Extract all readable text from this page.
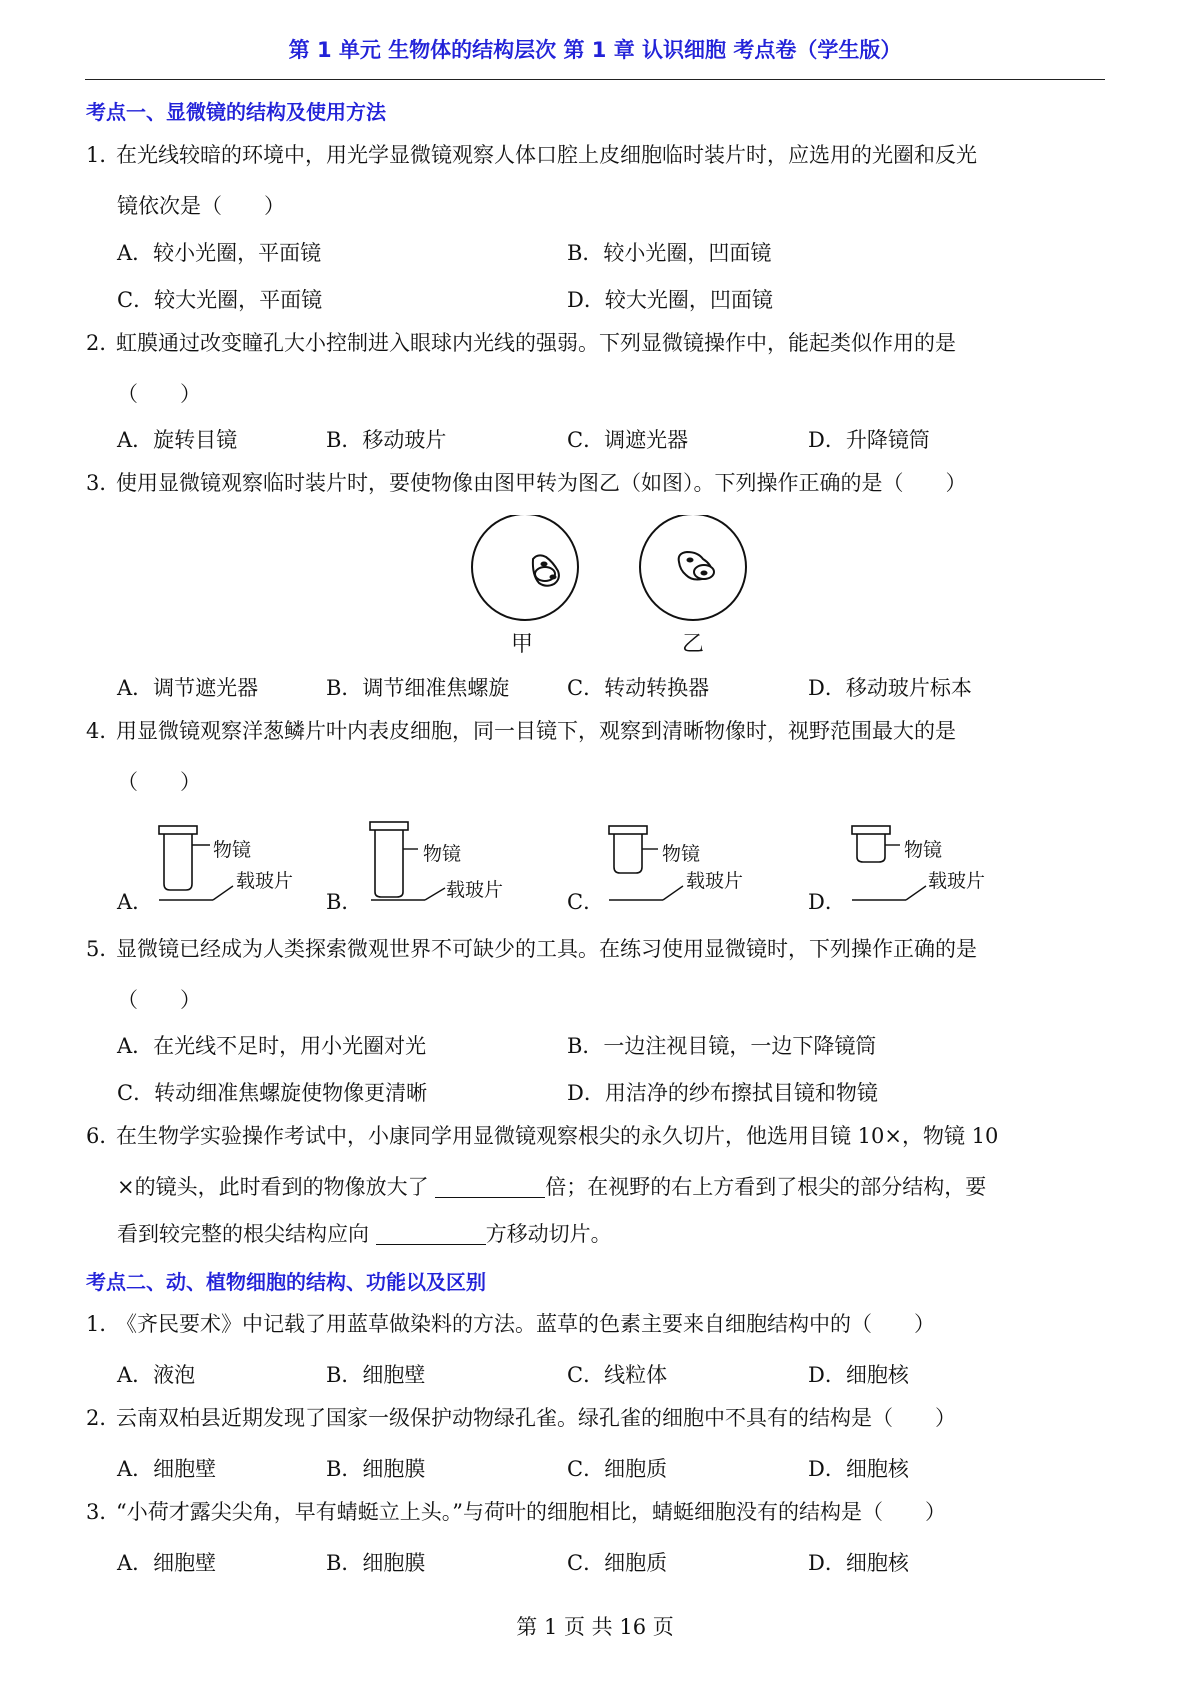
第 1 单元 生物体的结构层次 第 1 章 认识细胞 考点卷（学生版）
考点一、显微镜的结构及使用方法
1．在光线较暗的环境中，用光学显微镜观察人体口腔上皮细胞临时装片时，应选用的光圈和反光
镜依次是（　　）
A．较小光圈，平面镜	B．较小光圈，凹面镜
C．较大光圈，平面镜	D．较大光圈，凹面镜
2．虹膜通过改变瞳孔大小控制进入眼球内光线的强弱。下列显微镜操作中，能起类似作用的是
（　　）
A．旋转目镜	B．移动玻片	C．调遮光器	D．升降镜筒
3．使用显微镜观察临时装片时，要使物像由图甲转为图乙（如图）。下列操作正确的是（　　）
甲	乙
A．调节遮光器	B．调节细准焦螺旋	C．转动转换器	D．移动玻片标本
4．用显微镜观察洋葱鳞片叶内表皮细胞，同一目镜下，观察到清晰物像时，视野范围最大的是
（　　）
A．
物镜
载玻片
B．
物镜
载玻片	C．
物镜
载玻片
D．
物镜
载玻片
5．显微镜已经成为人类探索微观世界不可缺少的工具。在练习使用显微镜时，下列操作正确的是
（　　）
A．在光线不足时，用小光圈对光	B．一边注视目镜，一边下降镜筒
C．转动细准焦螺旋使物像更清晰	D．用洁净的纱布擦拭目镜和物镜
6．在生物学实验操作考试中，小康同学用显微镜观察根尖的永久切片，他选用目镜 10×，物镜 10
×的镜头，此时看到的物像放大了	倍；在视野的右上方看到了根尖的部分结构，要
看到较完整的根尖结构应向	方移动切片。
考点二、动、植物细胞的结构、功能以及区别
1．《齐民要术》中记载了用蓝草做染料的方法。蓝草的色素主要来自细胞结构中的（　　）
A．液泡	B．细胞壁	C．线粒体	D．细胞核
2．云南双柏县近期发现了国家一级保护动物绿孔雀。绿孔雀的细胞中不具有的结构是（　　）
A．细胞壁	B．细胞膜	C．细胞质	D．细胞核
3．“小荷才露尖尖角，早有蜻蜓立上头。”与荷叶的细胞相比，蜻蜓细胞没有的结构是（　　）
A．细胞壁	B．细胞膜	C．细胞质	D．细胞核
第 1 页 共 16 页
